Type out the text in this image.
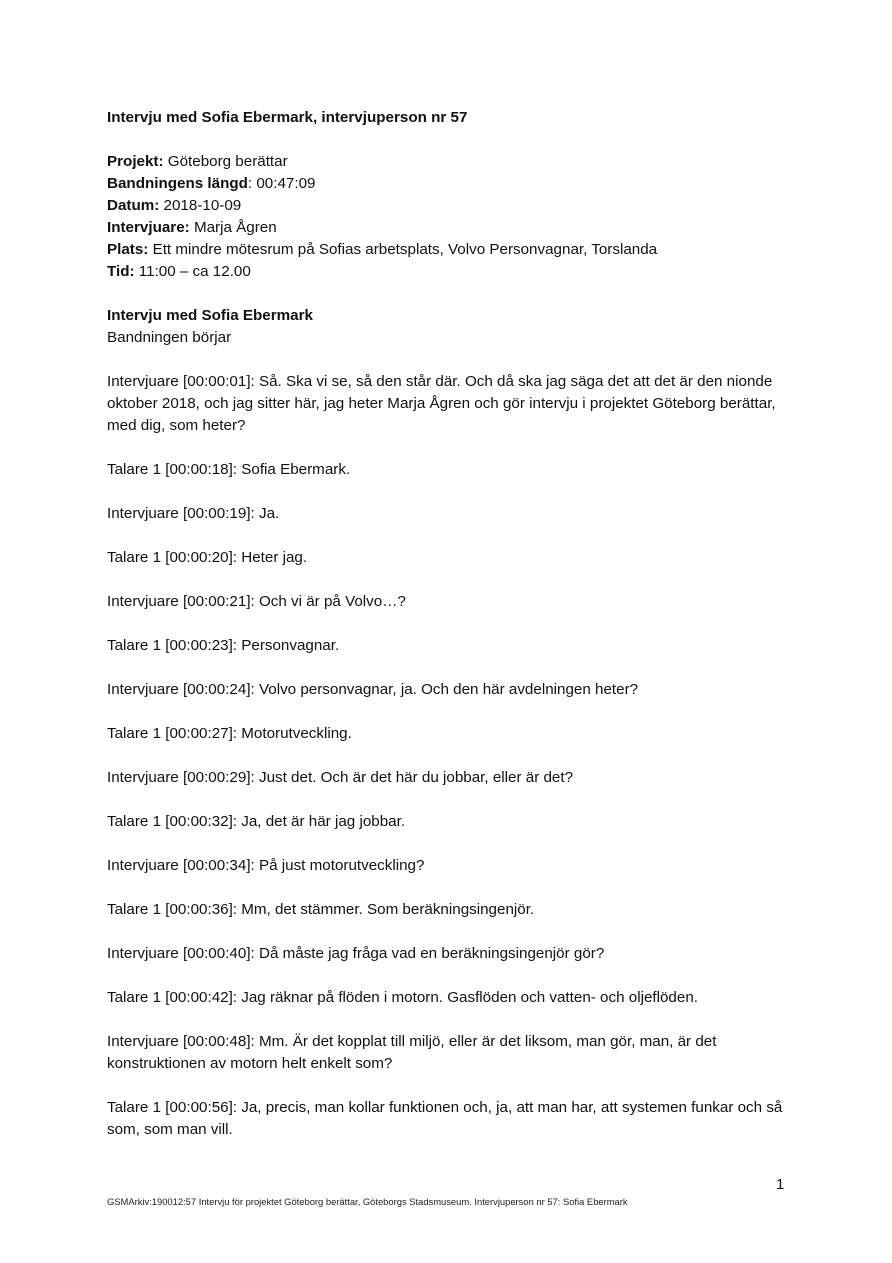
Intervju med Sofia Ebermark, intervjuperson nr 57

Projekt: Göteborg berättar

Bandningens längd: 00:47:09

Datum: 2018-10-09

Intervjuare: Marja Ågren

Plats: Ett mindre mötesrum på Sofias arbetsplats, Volvo Personvagnar, Torslanda

Tid: 11:00 – ca 12.00

Intervju med Sofia Ebermark

Bandningen börjar

Intervjuare [00:00:01]: Så. Ska vi se, så den står där. Och då ska jag säga det att det är den nionde oktober 2018, och jag sitter här, jag heter Marja Ågren och gör intervju i projektet Göteborg berättar, med dig, som heter?

Talare 1 [00:00:18]: Sofia Ebermark.

Intervjuare [00:00:19]: Ja.

Talare 1 [00:00:20]: Heter jag.

Intervjuare [00:00:21]: Och vi är på Volvo…?

Talare 1 [00:00:23]: Personvagnar.

Intervjuare [00:00:24]: Volvo personvagnar, ja. Och den här avdelningen heter?

Talare 1 [00:00:27]: Motorutveckling.

Intervjuare [00:00:29]: Just det. Och är det här du jobbar, eller är det?

Talare 1 [00:00:32]: Ja, det är här jag jobbar.

Intervjuare [00:00:34]: På just motorutveckling?

Talare 1 [00:00:36]: Mm, det stämmer. Som beräkningsingenjör.

Intervjuare [00:00:40]: Då måste jag fråga vad en beräkningsingenjör gör?

Talare 1 [00:00:42]: Jag räknar på flöden i motorn. Gasflöden och vatten- och oljeflöden.

Intervjuare [00:00:48]: Mm. Är det kopplat till miljö, eller är det liksom, man gör, man, är det konstruktionen av motorn helt enkelt som?

Talare 1 [00:00:56]: Ja, precis, man kollar funktionen och, ja, att man har, att systemen funkar och så som, som man vill.

1
GSMArkiv:190012:57 Intervju för projektet Göteborg berättar, Göteborgs Stadsmuseum. Intervjuperson nr 57: Sofia Ebermark
